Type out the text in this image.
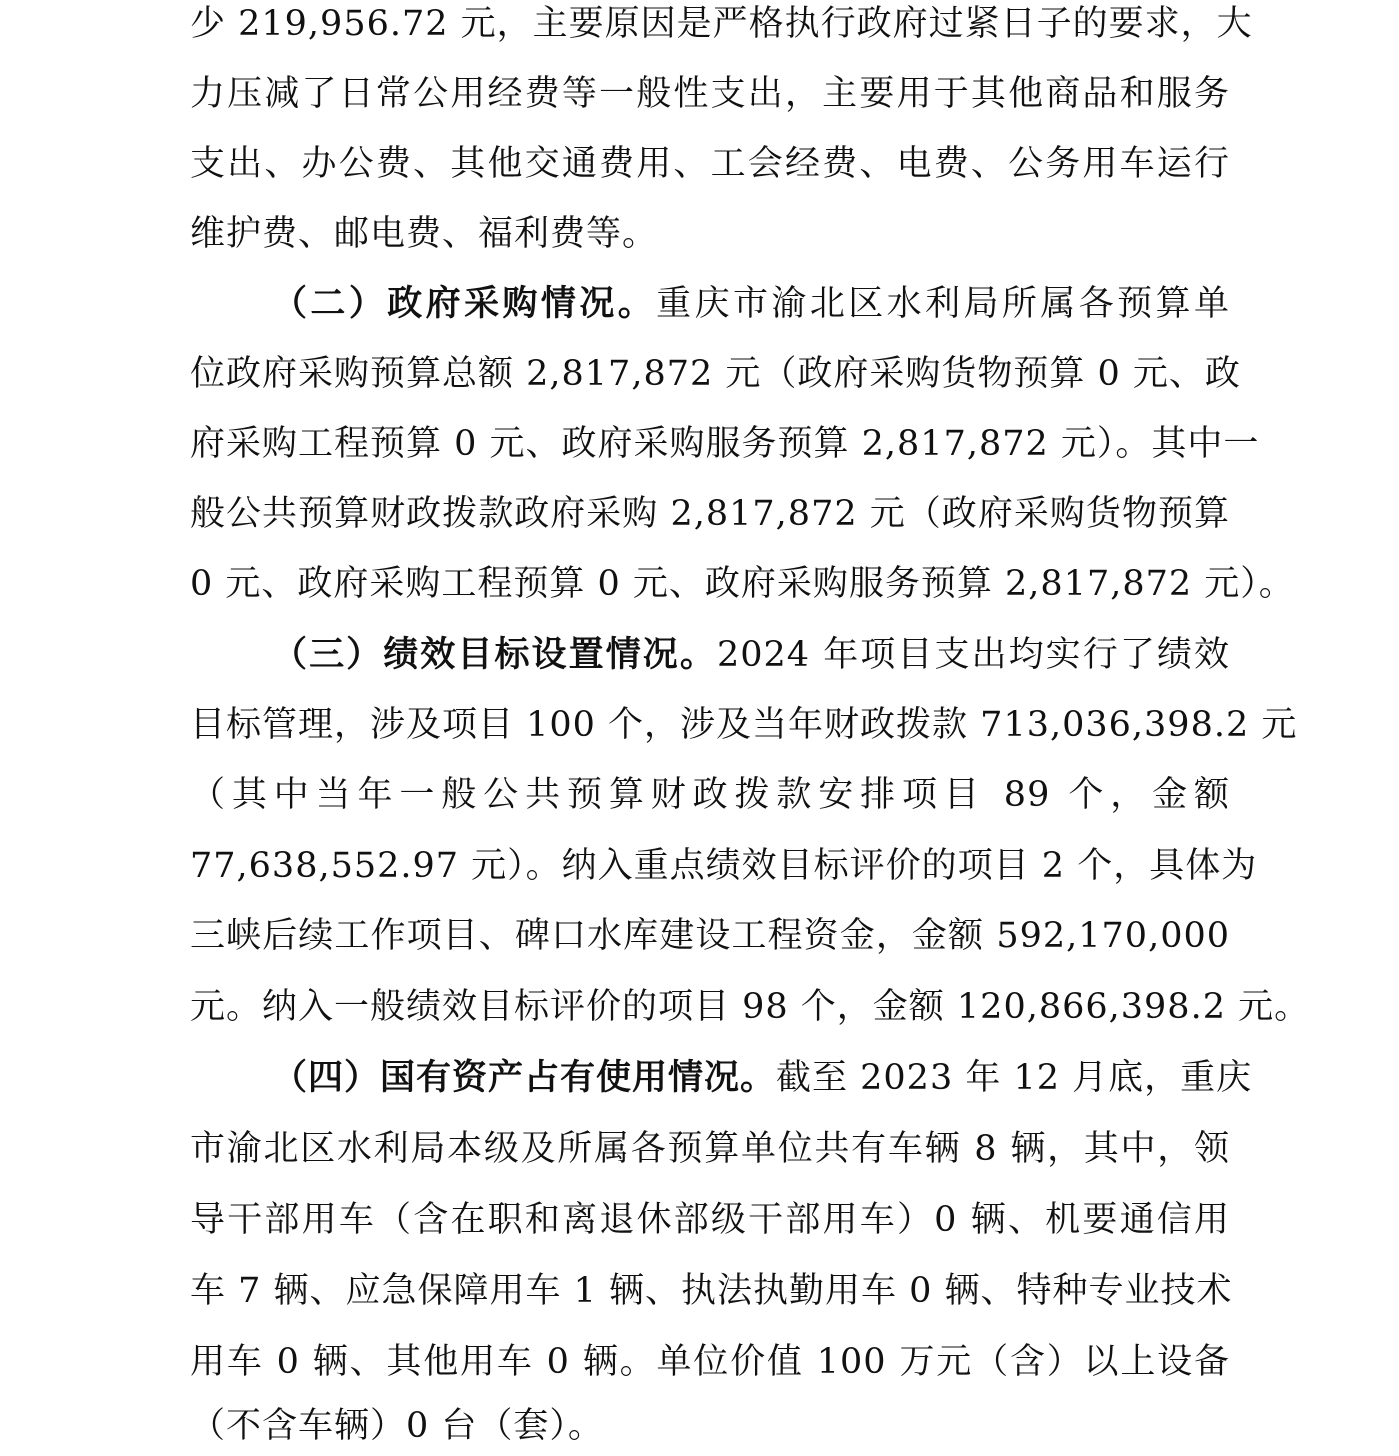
少 219,956.72 元，主要原因是严格执行政府过紧日子的要求，大
力压减了日常公用经费等一般性支出，主要用于其他商品和服务
支出、办公费、其他交通费用、工会经费、电费、公务用车运行
维护费、邮电费、福利费等。
（二）政府采购情况。重庆市渝北区水利局所属各预算单
位政府采购预算总额 2,817,872 元（政府采购货物预算 0 元、政
府采购工程预算 0 元、政府采购服务预算 2,817,872 元）。其中一
般公共预算财政拨款政府采购 2,817,872 元（政府采购货物预算
0 元、政府采购工程预算 0 元、政府采购服务预算 2,817,872 元）。
（三）绩效目标设置情况。2024 年项目支出均实行了绩效
目标管理，涉及项目 100 个，涉及当年财政拨款 713,036,398.2 元
（其中当年一般公共预算财政拨款安排项目 89 个，金额
77,638,552.97 元）。纳入重点绩效目标评价的项目 2 个，具体为
三峡后续工作项目、碑口水库建设工程资金，金额 592,170,000
元。纳入一般绩效目标评价的项目 98 个，金额 120,866,398.2 元。
（四）国有资产占有使用情况。截至 2023 年 12 月底，重庆
市渝北区水利局本级及所属各预算单位共有车辆 8 辆，其中，领
导干部用车（含在职和离退休部级干部用车）0 辆、机要通信用
车 7 辆、应急保障用车 1 辆、执法执勤用车 0 辆、特种专业技术
用车 0 辆、其他用车 0 辆。单位价值 100 万元（含）以上设备
（不含车辆）0 台（套）。
